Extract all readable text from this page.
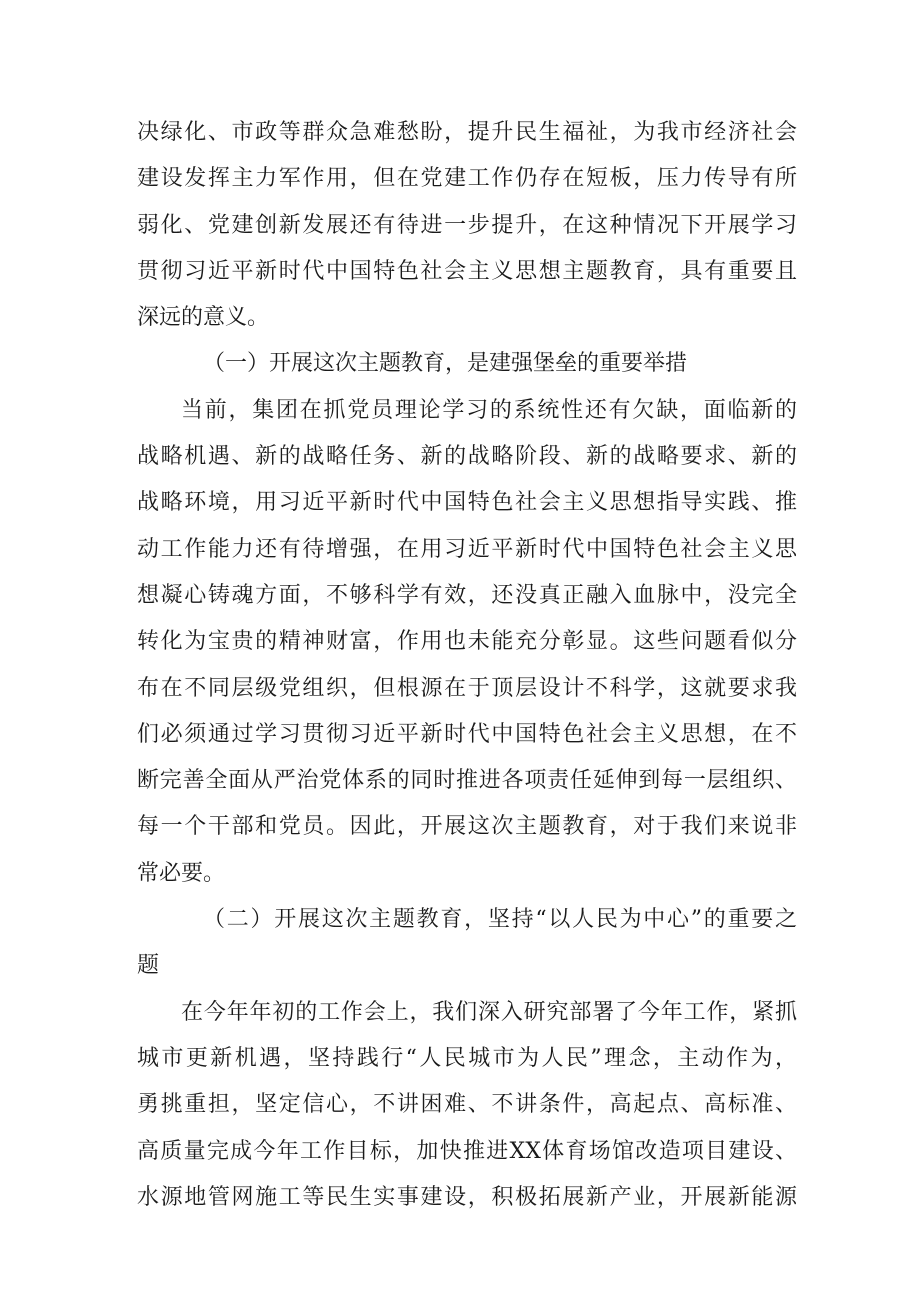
决绿化、市政等群众急难愁盼，提升民生福祉，为我市经济社会
建设发挥主力军作用，但在党建工作仍存在短板，压力传导有所
弱化、党建创新发展还有待进一步提升，在这种情况下开展学习
贯彻习近平新时代中国特色社会主义思想主题教育，具有重要且
深远的意义。
（一）开展这次主题教育，是建强堡垒的重要举措
当前，集团在抓党员理论学习的系统性还有欠缺，面临新的
战略机遇、新的战略任务、新的战略阶段、新的战略要求、新的
战略环境，用习近平新时代中国特色社会主义思想指导实践、推
动工作能力还有待增强，在用习近平新时代中国特色社会主义思
想凝心铸魂方面，不够科学有效，还没真正融入血脉中，没完全
转化为宝贵的精神财富，作用也未能充分彰显。这些问题看似分
布在不同层级党组织，但根源在于顶层设计不科学，这就要求我
们必须通过学习贯彻习近平新时代中国特色社会主义思想，在不
断完善全面从严治党体系的同时推进各项责任延伸到每一层组织、
每一个干部和党员。因此，开展这次主题教育，对于我们来说非
常必要。
（二）开展这次主题教育，坚持“以人民为中心”的重要之
题
在今年年初的工作会上，我们深入研究部署了今年工作，紧抓
城市更新机遇，坚持践行“人民城市为人民”理念，主动作为，
勇挑重担，坚定信心，不讲困难、不讲条件，高起点、高标准、
高质量完成今年工作目标，加快推进XX体育场馆改造项目建设、
水源地管网施工等民生实事建设，积极拓展新产业，开展新能源
